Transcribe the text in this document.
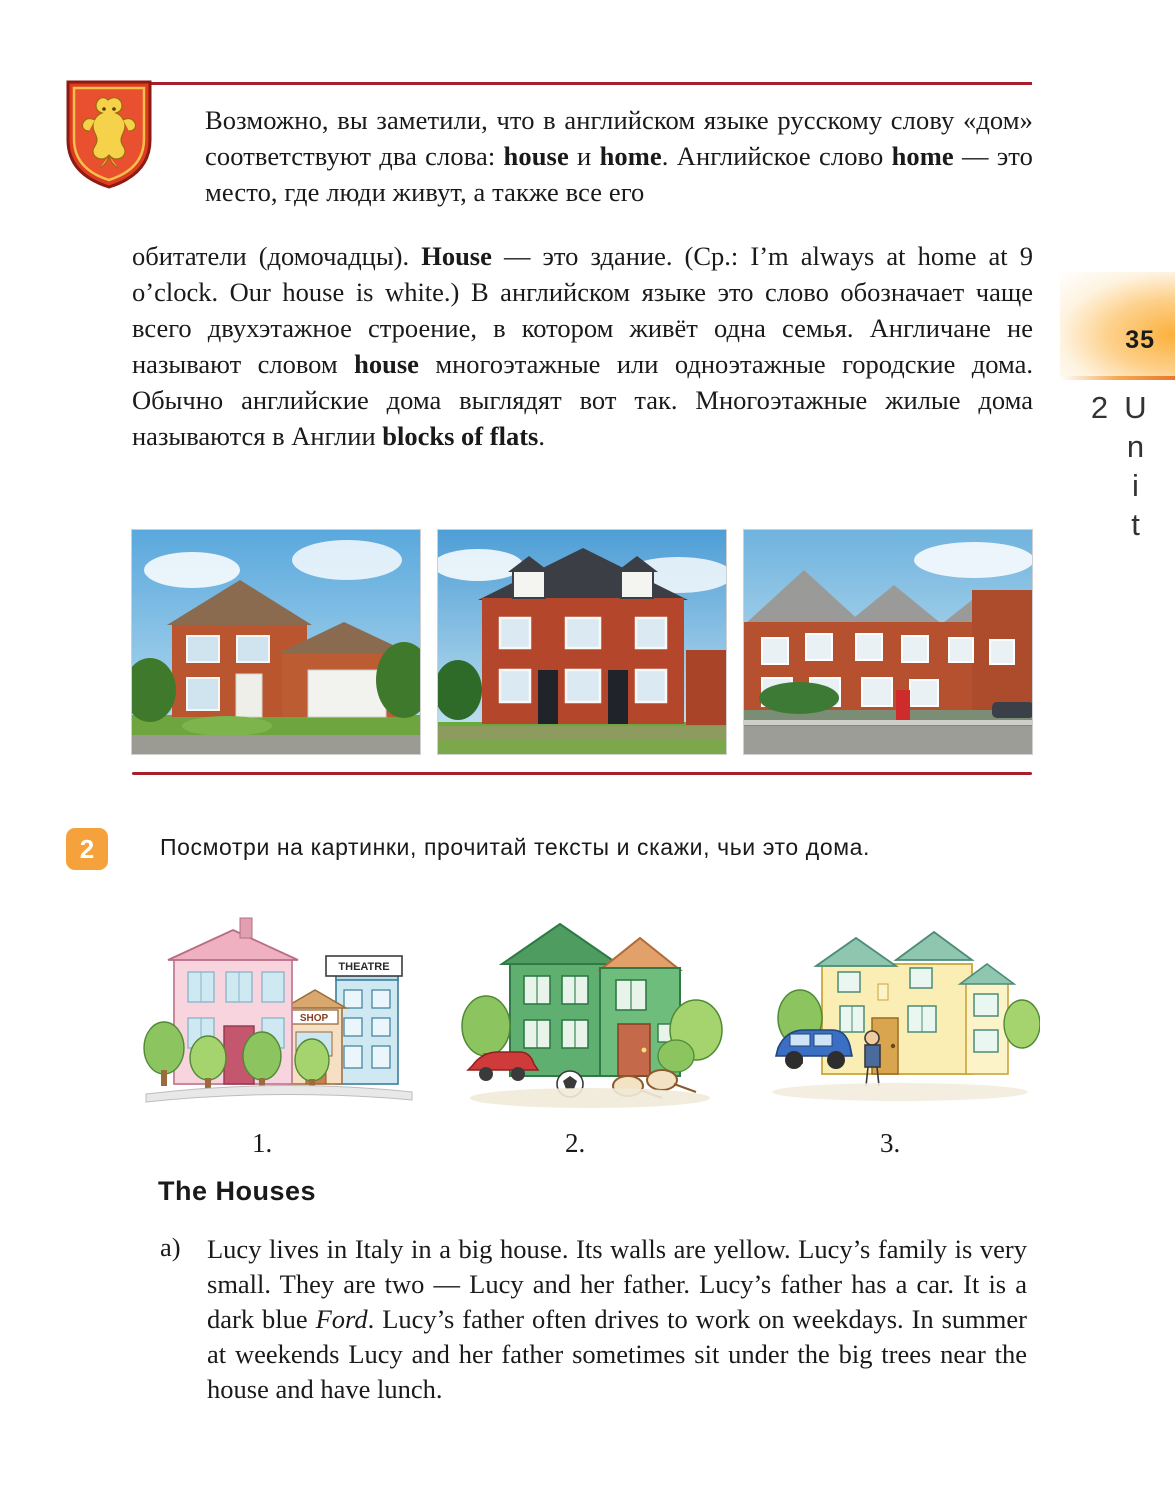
35
Unit 2
Возможно, вы заметили, что в английском языке русскому слову «дом» соответствуют два слова: house и home. Английское слово home — это место, где люди живут, а также все его
обитатели (домочадцы). House — это здание. (Ср.: I’m always at home at 9 o’clock. Our house is white.) В английском языке это слово обозначает чаще всего двухэтажное строение, в котором живёт одна семья. Англичане не называют словом house многоэтажные или одноэтажные городские дома. Обычно английские дома выглядят вот так. Многоэтажные жилые дома называются в Англии blocks of flats.
2	Посмотри на картинки, прочитай тексты и скажи, чьи это дома.
THEATRE
SHOP
1.	2.	3.
The Houses
a) Lucy lives in Italy in a big house. Its walls are yellow. Lucy’s family is very small. They are two — Lucy and her father. Lucy’s father has a car. It is a dark blue Ford. Lucy’s father often drives to work on weekdays. In summer at weekends Lucy and her father sometimes sit under the big trees near the house and have lunch.
